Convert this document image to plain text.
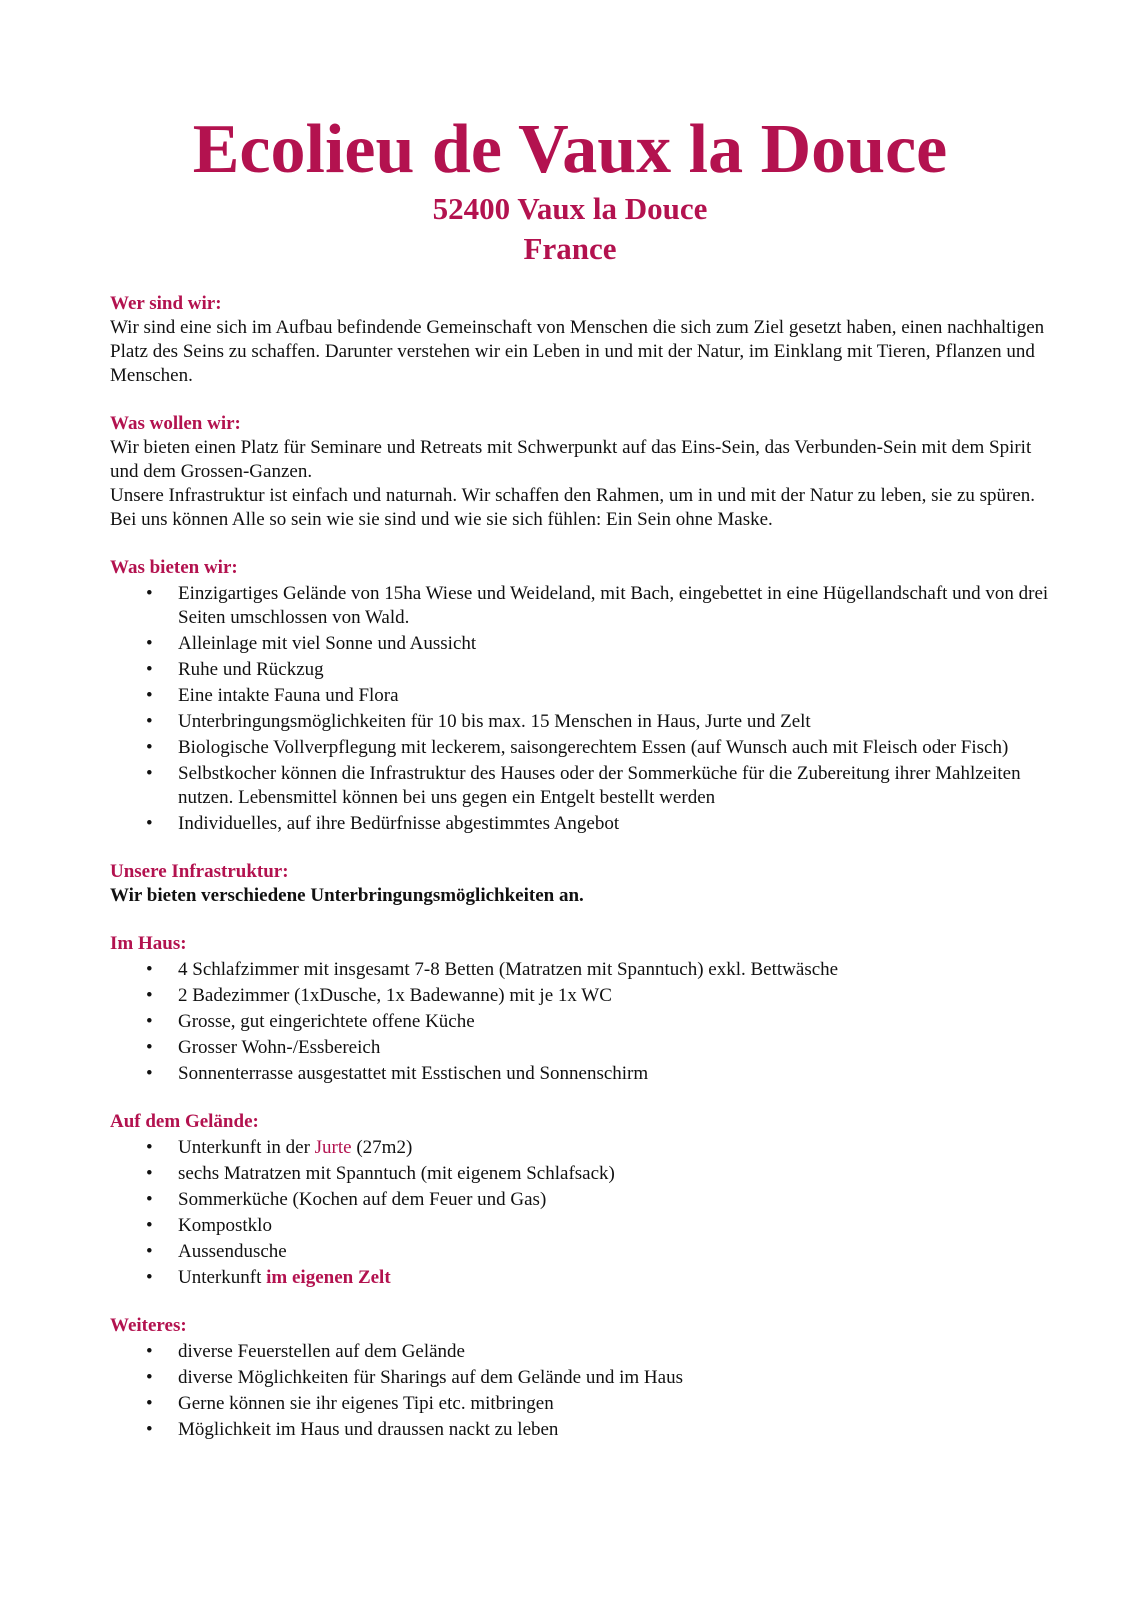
Ecolieu de Vaux la Douce
52400 Vaux la Douce
France

Wer sind wir:

Wir sind eine sich im Aufbau befindende Gemeinschaft von Menschen die sich zum Ziel gesetzt haben, einen nachhaltigen Platz des Seins zu schaffen. Darunter verstehen wir ein Leben in und mit der Natur, im Einklang mit Tieren, Pflanzen und Menschen.

Was wollen wir:

Wir bieten einen Platz für Seminare und Retreats mit Schwerpunkt auf das Eins-Sein, das Verbunden-Sein mit dem Spirit und dem Grossen-Ganzen.

Unsere Infrastruktur ist einfach und naturnah. Wir schaffen den Rahmen, um in und mit der Natur zu leben, sie zu spüren. Bei uns können Alle so sein wie sie sind und wie sie sich fühlen: Ein Sein ohne Maske.

Was bieten wir:

• Einzigartiges Gelände von 15ha Wiese und Weideland, mit Bach, eingebettet in eine Hügellandschaft und von drei Seiten umschlossen von Wald.
• Alleinlage mit viel Sonne und Aussicht
• Ruhe und Rückzug
• Eine intakte Fauna und Flora
• Unterbringungsmöglichkeiten für 10 bis max. 15 Menschen in Haus, Jurte und Zelt
• Biologische Vollverpflegung mit leckerem, saisongerechtem Essen (auf Wunsch auch mit Fleisch oder Fisch)
• Selbstkocher können die Infrastruktur des Hauses oder der Sommerküche für die Zubereitung ihrer Mahlzeiten nutzen. Lebensmittel können bei uns gegen ein Entgelt bestellt werden
• Individuelles, auf ihre Bedürfnisse abgestimmtes Angebot

Unsere Infrastruktur:

Wir bieten verschiedene Unterbringungsmöglichkeiten an.

Im Haus:

• 4 Schlafzimmer mit insgesamt 7-8 Betten (Matratzen mit Spanntuch) exkl. Bettwäsche
• 2 Badezimmer (1xDusche, 1x Badewanne) mit je 1x WC
• Grosse, gut eingerichtete offene Küche
• Grosser Wohn-/Essbereich
• Sonnenterrasse ausgestattet mit Esstischen und Sonnenschirm

Auf dem Gelände:

• Unterkunft in der Jurte (27m2)
• sechs Matratzen mit Spanntuch (mit eigenem Schlafsack)
• Sommerküche (Kochen auf dem Feuer und Gas)
• Kompostklo
• Aussendusche
• Unterkunft im eigenen Zelt

Weiteres:

• diverse Feuerstellen auf dem Gelände
• diverse Möglichkeiten für Sharings auf dem Gelände und im Haus
• Gerne können sie ihr eigenes Tipi etc. mitbringen
• Möglichkeit im Haus und draussen nackt zu leben
